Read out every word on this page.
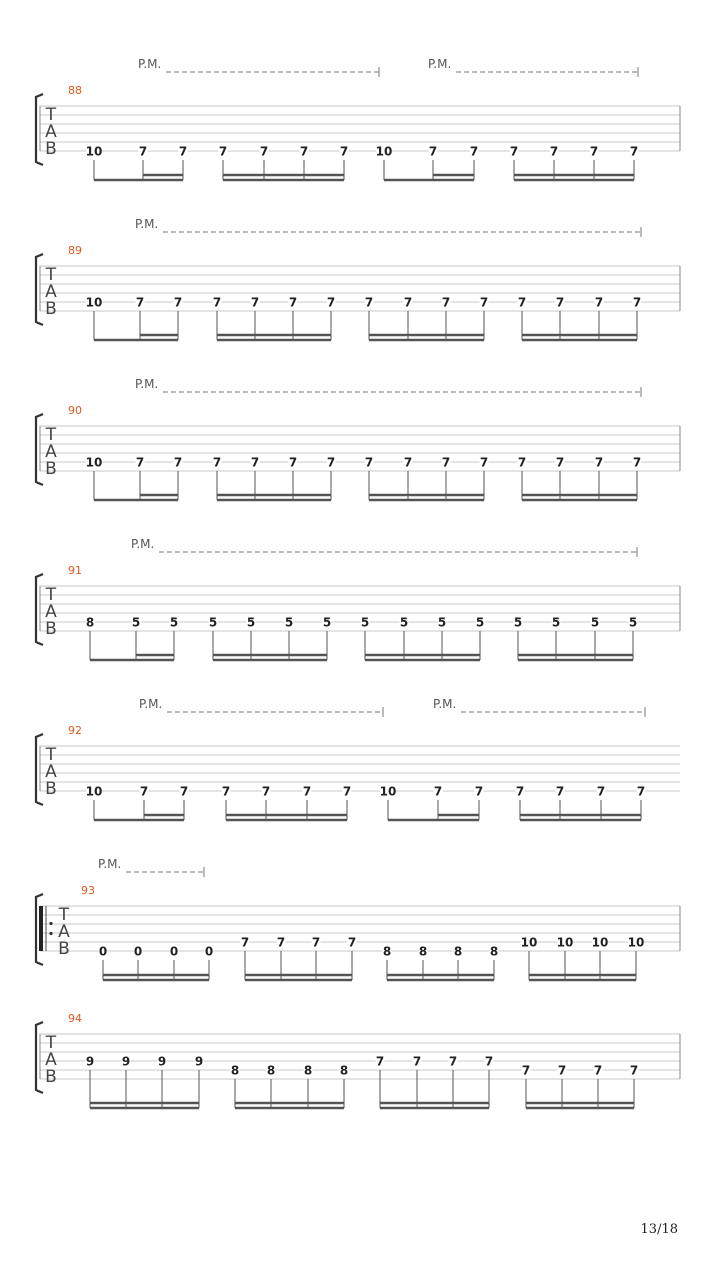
T
A
B
88
P.M.	P.M.
10	7	7	7	7	7	7 10	7	7	7	7	7	7
T
A
B
89
P.M.
10	7 7	7 7 7 7 7	7 7 7 7 7	7 7
T
A
B
90
P.M.
10	7 7	7 7 7 7 7	7 7 7 7 7	7 7
T
A
B
91
P.M.
8	5 5	5 5 5 5 5	5 5 5 5 5	5 5
T
A
B
92
P.M.	P.M.
10	7	7	7	7	7	7 10	7	7	7	7	7	7
T
A
B
93
P.M.
0 0 0 0
7 7 7 7
8 8 8 8
10 10 10 10
T
A
B
94
9 9 9 9
8 8 8 8
7 7 7 7
7 7 7 7
13/18
